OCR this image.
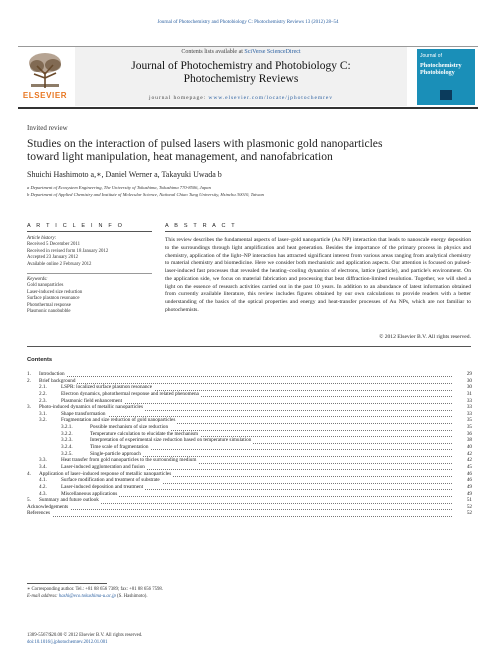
Journal of Photochemistry and Photobiology C: Photochemistry Reviews 13 (2012) 28–54
ELSEVIER
Contents lists available at SciVerse ScienceDirect
Journal of Photochemistry and Photobiology C:
Photochemistry Reviews
journal homepage: www.elsevier.com/locate/jphotochemrev
Journal of
Photochemistry
Photobiology
Invited review
Studies on the interaction of pulsed lasers with plasmonic gold nanoparticles
toward light manipulation, heat management, and nanofabrication
Shuichi Hashimoto a,∗, Daniel Werner a, Takayuki Uwada b
a Department of Ecosystem Engineering, The University of Tokushima, Tokushima 770-8506, Japan
b Department of Applied Chemistry and Institute of Molecular Science, National Chiao Tung University, Hsinchu 30010, Taiwan
A R T I C L E I N F O
Article history:
Received 5 December 2011
Received in revised form 18 January 2012
Accepted 23 January 2012
Available online 2 February 2012
Keywords:
Gold nanoparticles
Laser-induced size reduction
Surface plasmon resonance
Photothermal response
Plasmonic nanobubble
A B S T R A C T
This review describes the fundamental aspects of laser–gold nanoparticle (Au NP) interaction that leads to nanoscale energy deposition to the surroundings through light amplification and heat generation. Besides the importance of the primary process in physics and chemistry, application of the light–NP interaction has attracted significant interest from various areas ranging from analytical chemistry to material chemistry and biomedicine. Here we consider both mechanistic and application aspects. Our attention is focused on pulsed-laser-induced fast processes that revealed the heating–cooling dynamics of electrons, lattice (particle), and particle's environment. On the application side, we focus on material fabrication and processing that beat diffraction-limited resolution. Together, we will shed a light on the essence of research activities carried out in the past 10 years. In addition to an abundance of latest information obtained from currently available literature, this review includes figures obtained by our own calculations to provide readers with a better understanding of the basics of the optical properties and energy and heat-transfer processes of Au NPs, which are not familiar to photochemists.
© 2012 Elsevier B.V. All rights reserved.
Contents
1. Introduction	29
2. Brief background	30
2.1.	LSPR: localized surface plasmon resonance	30
2.2.	Electron dynamics, photothermal response and related phenomena	31
2.3.	Plasmonic field enhancement	33
3. Photo-induced dynamics of metallic nanoparticles	33
3.1.	Shape transformation	33
3.2.	Fragmentation and size reduction of gold nanoparticles	35
3.2.1.	Possible mechanism of size reduction	35
3.2.2.	Temperature calculation to elucidate the mechanism	36
3.2.3.	Interpretation of experimental size reduction based on temperature simulation	38
3.2.4.	Time scale of fragmentation	40
3.2.5.	Single-particle approach	42
3.3.	Heat transfer from gold nanoparticles to the surrounding medium	42
3.4.	Laser-induced agglomeration and fusion	45
4. Application of laser–induced response of metallic nanoparticles	46
4.1.	Surface modification and treatment of substrate	46
4.2.	Laser-induced deposition and treatment	49
4.3.	Miscellaneous applications	49
5. Summary and future outlook	51
Acknowledgements	52
References	52
∗ Corresponding author. Tel.: +81 88 656 7389; fax: +81 88 656 7598.
E-mail address: hashi@eco.tokushima-u.ac.jp (S. Hashimoto).
1389-5567/$20.00 © 2012 Elsevier B.V. All rights reserved.
doi:10.1016/j.jphotochemrev.2012.01.001
